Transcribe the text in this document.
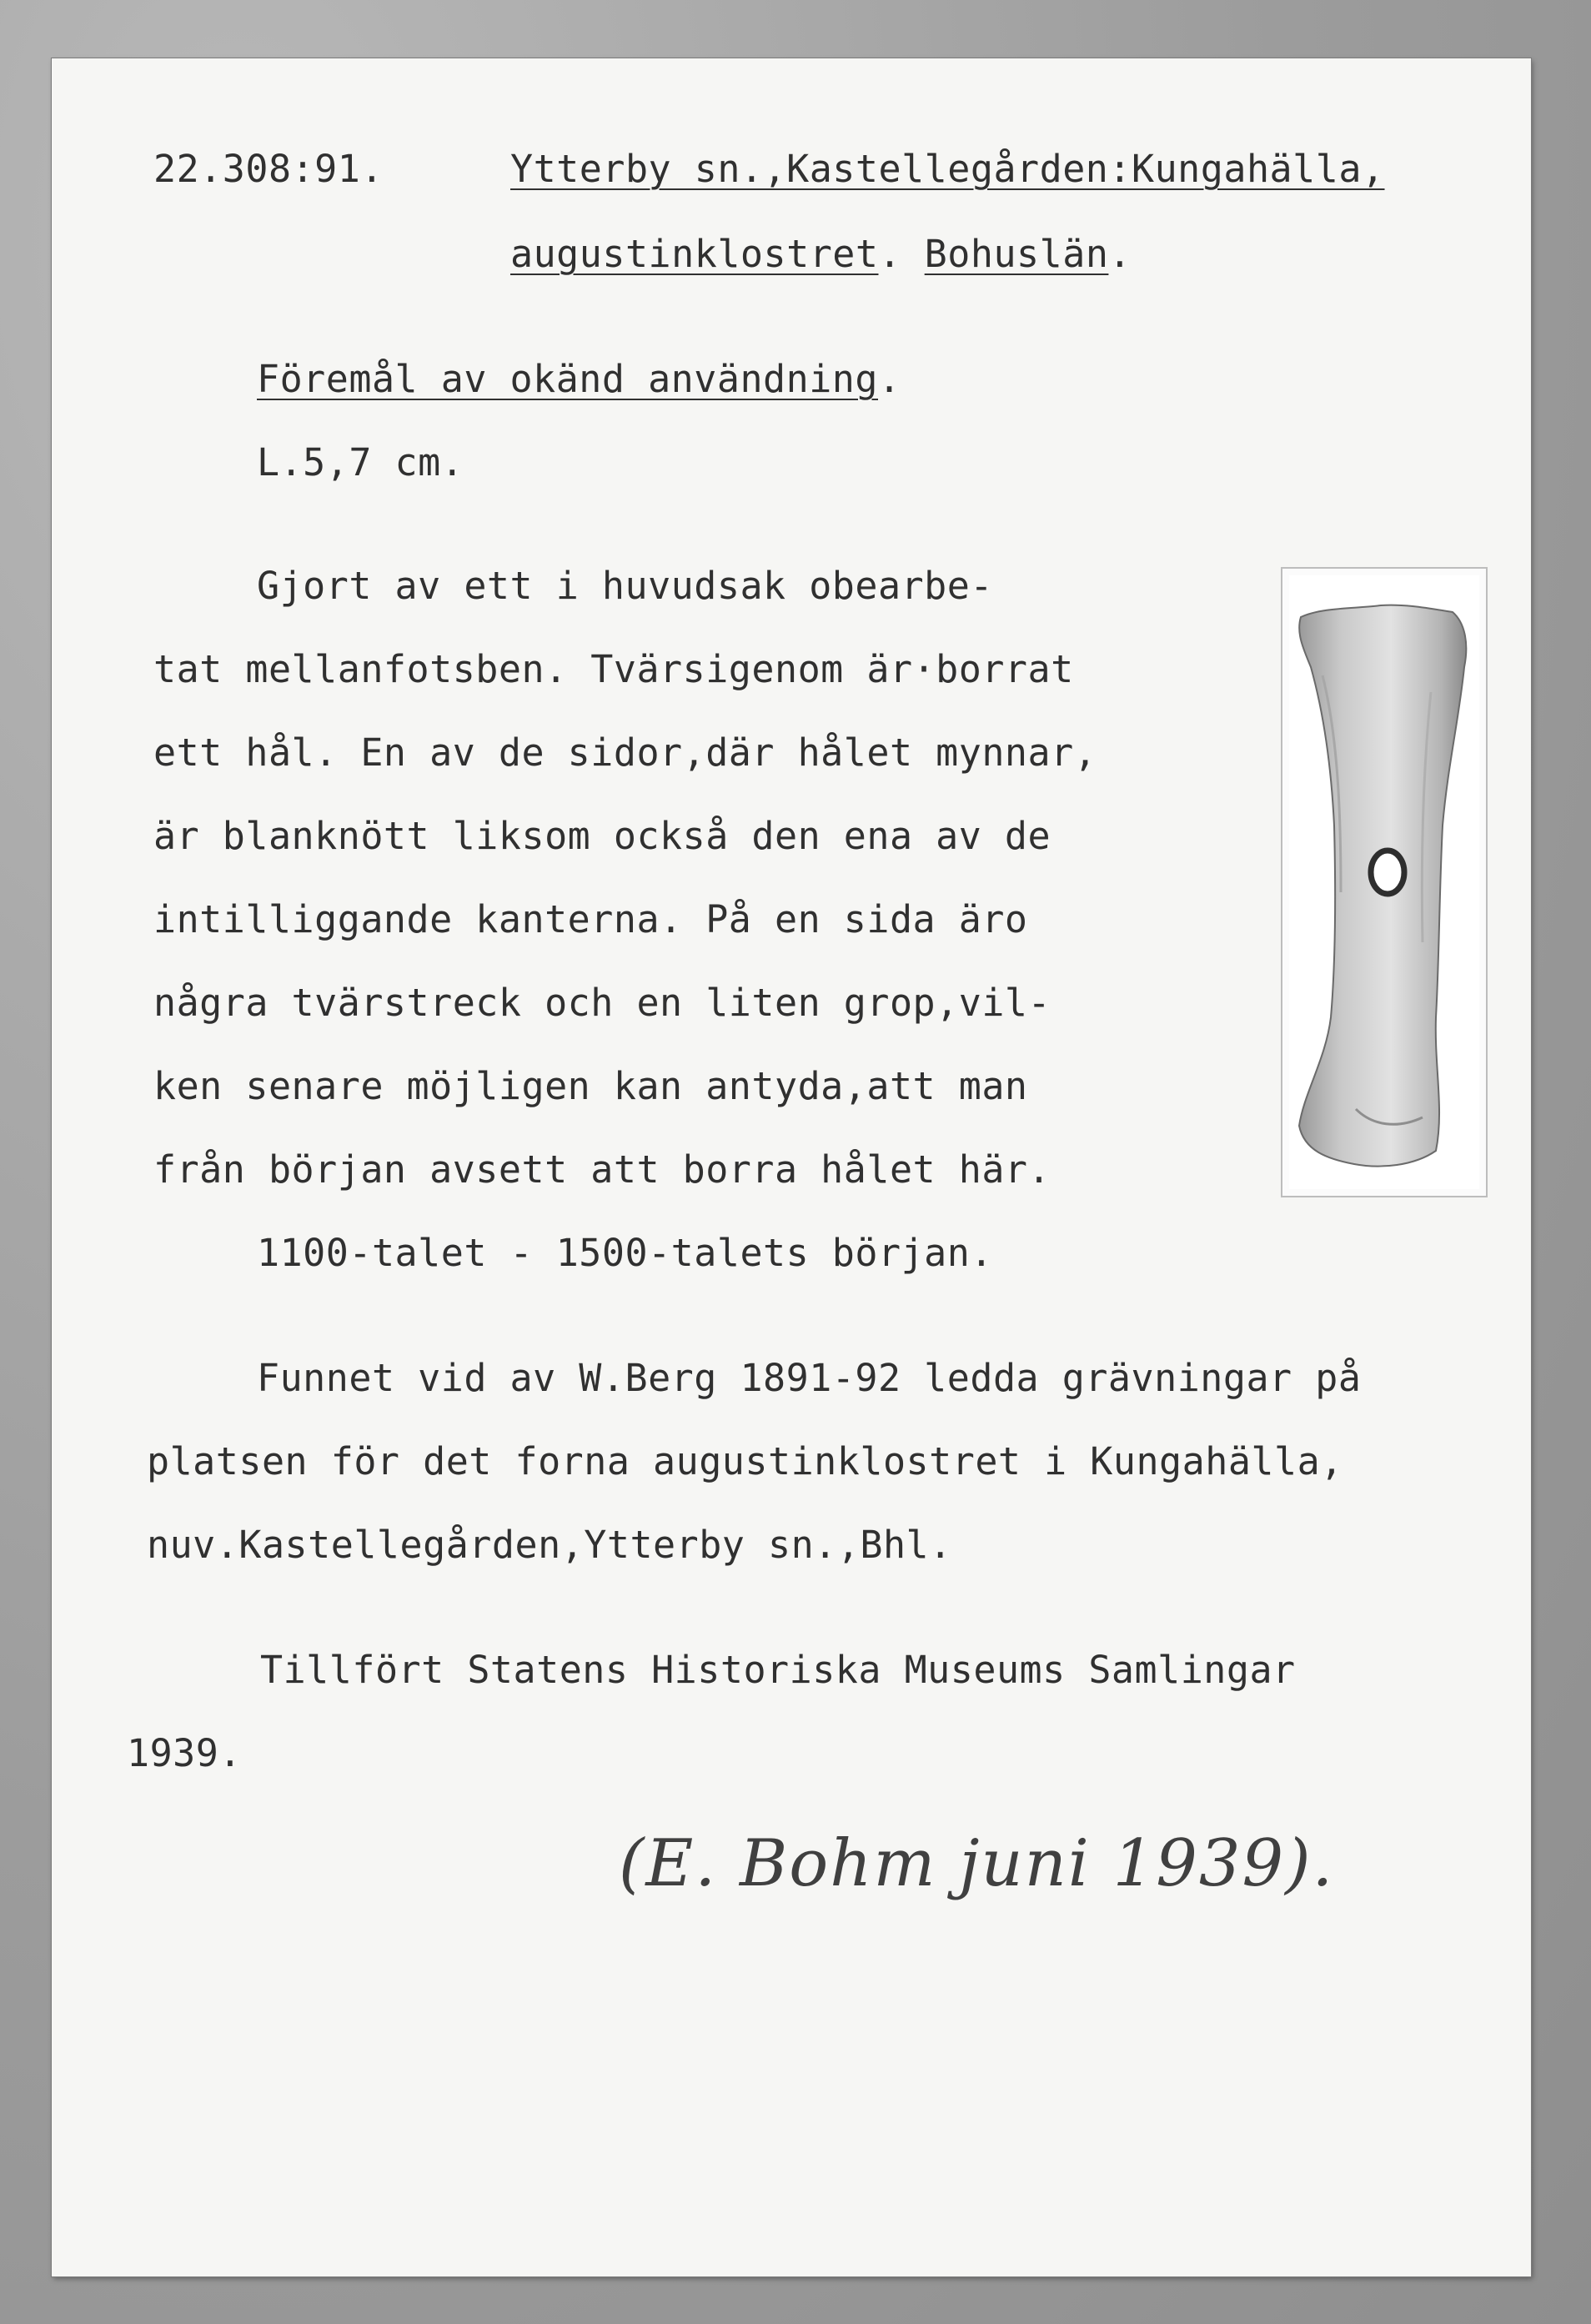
22.308:91.	Ytterby sn.,Kastellegården:Kungahälla,
augustinklostret. Bohuslän.
Föremål av okänd användning.
L.5,7 cm.
Gjort av ett i huvudsak obearbe-
tat mellanfotsben. Tvärsigenom är·borrat
ett hål. En av de sidor,där hålet mynnar,
är blanknött liksom också den ena av de
intilliggande kanterna. På en sida äro
några tvärstreck och en liten grop,vil-
ken senare möjligen kan antyda,att man
från början avsett att borra hålet här.
1100-talet - 1500-talets början.
Funnet vid av W.Berg 1891-92 ledda grävningar på
platsen för det forna augustinklostret i Kungahälla,
nuv.Kastellegården,Ytterby sn.,Bhl.
Tillfört Statens Historiska Museums Samlingar
1939.
(E. Bohm juni 1939).
